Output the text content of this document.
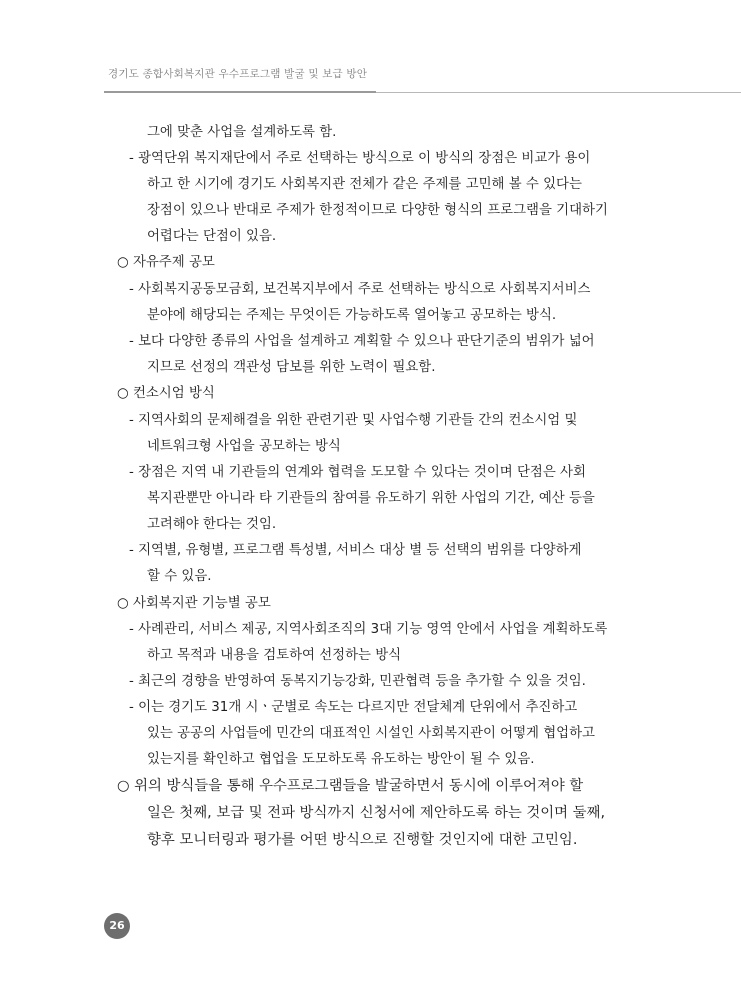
경기도 종합사회복지관 우수프로그램 발굴 및 보급 방안
그에 맞춘 사업을 설계하도록 함.
- 광역단위 복지재단에서 주로 선택하는 방식으로 이 방식의 장점은 비교가 용이
하고 한 시기에 경기도 사회복지관 전체가 같은 주제를 고민해 볼 수 있다는
장점이 있으나 반대로 주제가 한정적이므로 다양한 형식의 프로그램을 기대하기
어렵다는 단점이 있음.
○ 자유주제 공모
- 사회복지공동모금회, 보건복지부에서 주로 선택하는 방식으로 사회복지서비스
분야에 해당되는 주제는 무엇이든 가능하도록 열어놓고 공모하는 방식.
- 보다 다양한 종류의 사업을 설계하고 계획할 수 있으나 판단기준의 범위가 넓어
지므로 선정의 객관성 담보를 위한 노력이 필요함.
○ 컨소시엄 방식
- 지역사회의 문제해결을 위한 관련기관 및 사업수행 기관들 간의 컨소시엄 및
네트워크형 사업을 공모하는 방식
- 장점은 지역 내 기관들의 연계와 협력을 도모할 수 있다는 것이며 단점은 사회
복지관뿐만 아니라 타 기관들의 참여를 유도하기 위한 사업의 기간, 예산 등을
고려해야 한다는 것임.
- 지역별, 유형별, 프로그램 특성별, 서비스 대상 별 등 선택의 범위를 다양하게
할 수 있음.
○ 사회복지관 기능별 공모
- 사례관리, 서비스 제공, 지역사회조직의 3대 기능 영역 안에서 사업을 계획하도록
하고 목적과 내용을 검토하여 선정하는 방식
- 최근의 경향을 반영하여 동복지기능강화, 민관협력 등을 추가할 수 있을 것임.
- 이는 경기도 31개 시ㆍ군별로 속도는 다르지만 전달체계 단위에서 추진하고
있는 공공의 사업들에 민간의 대표적인 시설인 사회복지관이 어떻게 협업하고
있는지를 확인하고 협업을 도모하도록 유도하는 방안이 될 수 있음.
○ 위의 방식들을 통해 우수프로그램들을 발굴하면서 동시에 이루어져야 할
일은 첫째, 보급 및 전파 방식까지 신청서에 제안하도록 하는 것이며 둘째,
향후 모니터링과 평가를 어떤 방식으로 진행할 것인지에 대한 고민임.
26
